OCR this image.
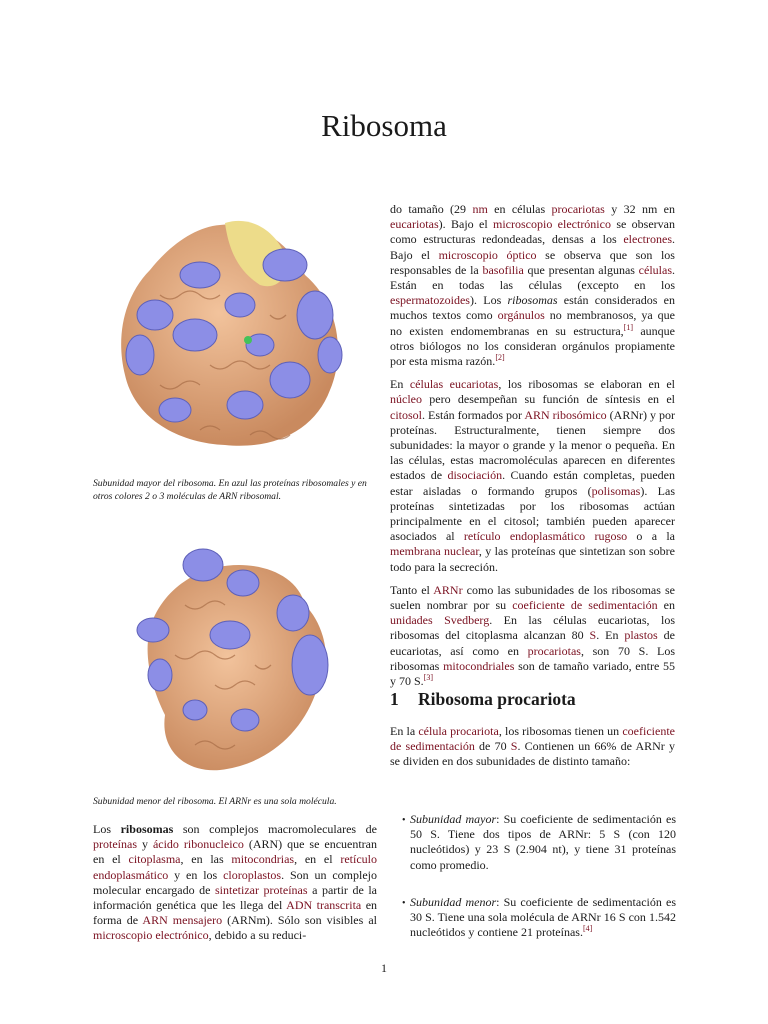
Ribosoma
Subunidad mayor del ribosoma. En azul las proteínas ribosomales y en otros colores 2 o 3 moléculas de ARN ribosomal.
Subunidad menor del ribosoma. El ARNr es una sola molécula.

Los ribosomas son complejos macromoleculares de proteínas y ácido ribonucleico (ARN) que se encuentran en el citoplasma, en las mitocondrias, en el retículo endoplasmático y en los cloroplastos. Son un complejo molecular encargado de sintetizar proteínas a partir de la información genética que les llega del ADN transcrita en forma de ARN mensajero (ARNm). Sólo son visibles al microscopio electrónico, debido a su reduci-

do tamaño (29 nm en células procariotas y 32 nm en eucariotas). Bajo el microscopio electrónico se observan como estructuras redondeadas, densas a los electrones. Bajo el microscopio óptico se observa que son los responsables de la basofilia que presentan algunas células. Están en todas las células (excepto en los espermatozoides). Los ribosomas están considerados en muchos textos como orgánulos no membranosos, ya que no existen endomembranas en su estructura,[1] aunque otros biólogos no los consideran orgánulos propiamente por esta misma razón.[2]

En células eucariotas, los ribosomas se elaboran en el núcleo pero desempeñan su función de síntesis en el citosol. Están formados por ARN ribosómico (ARNr) y por proteínas. Estructuralmente, tienen siempre dos subunidades: la mayor o grande y la menor o pequeña. En las células, estas macromoléculas aparecen en diferentes estados de disociación. Cuando están completas, pueden estar aisladas o formando grupos (polisomas). Las proteínas sintetizadas por los ribosomas actúan principalmente en el citosol; también pueden aparecer asociados al retículo endoplasmático rugoso o a la membrana nuclear, y las proteínas que sintetizan son sobre todo para la secreción.

Tanto el ARNr como las subunidades de los ribosomas se suelen nombrar por su coeficiente de sedimentación en unidades Svedberg. En las células eucariotas, los ribosomas del citoplasma alcanzan 80 S. En plastos de eucariotas, así como en procariotas, son 70 S. Los ribosomas mitocondriales son de tamaño variado, entre 55 y 70 S.[3]

1 Ribosoma procariota

En la célula procariota, los ribosomas tienen un coeficiente de sedimentación de 70 S. Contienen un 66% de ARNr y se dividen en dos subunidades de distinto tamaño:

• Subunidad mayor: Su coeficiente de sedimentación es 50 S. Tiene dos tipos de ARNr: 5 S (con 120 nucleótidos) y 23 S (2.904 nt), y tiene 31 proteínas como promedio.
• Subunidad menor: Su coeficiente de sedimentación es 30 S. Tiene una sola molécula de ARNr 16 S con 1.542 nucleótidos y contiene 21 proteínas.[4]
1
